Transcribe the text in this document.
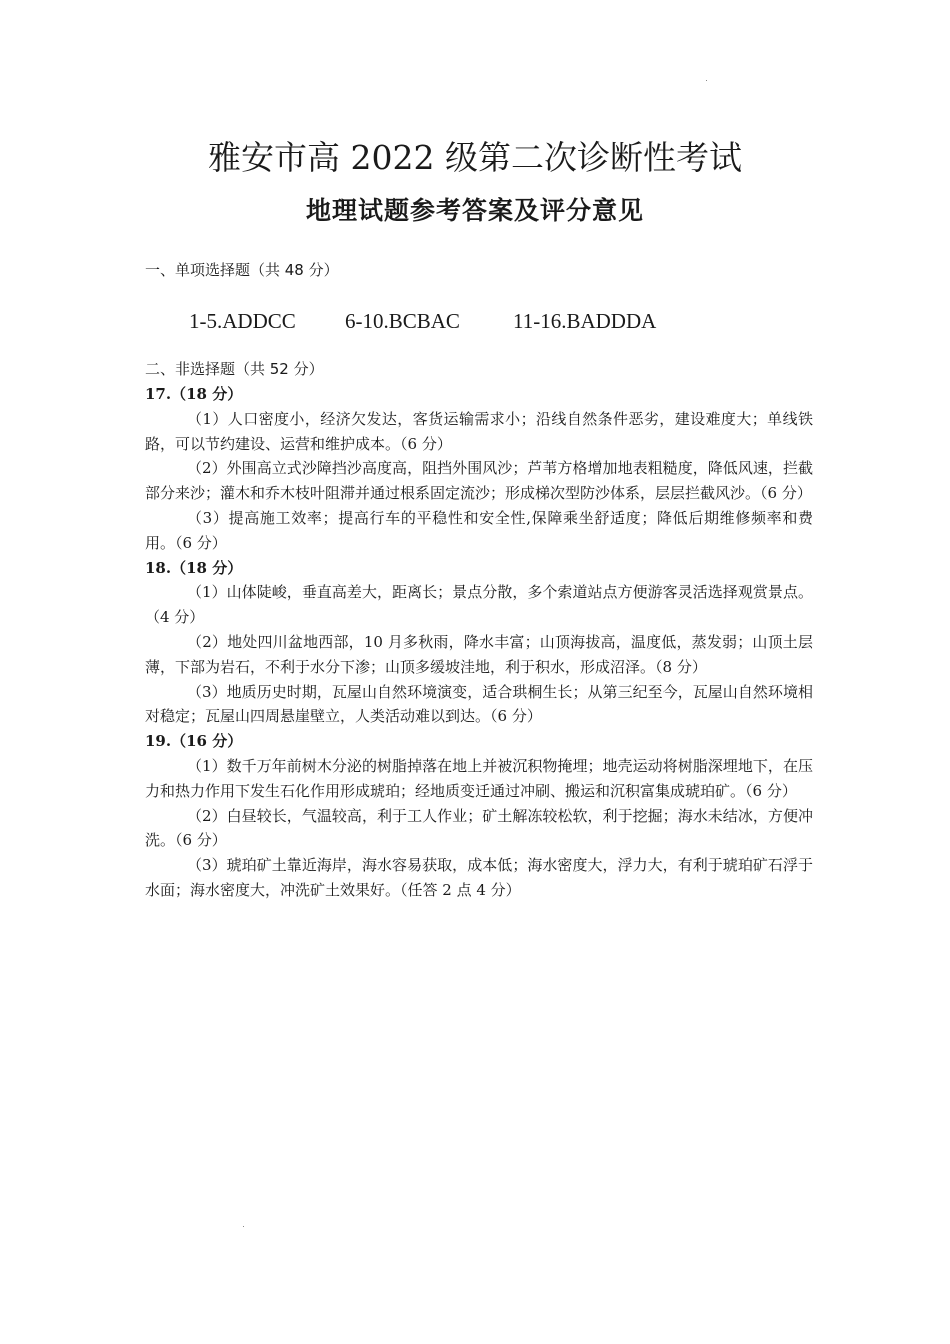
雅安市高 2022 级第二次诊断性考试
地理试题参考答案及评分意见
一、单项选择题（共 48 分）
1-5.ADDCC 6-10.BCBAC	11-16.BADDDA
二、非选择题（共 52 分）
17.（18 分）

（1）人口密度小，经济欠发达，客货运输需求小；沿线自然条件恶劣，建设难度大；单线铁路，可以节约建设、运营和维护成本。（6 分）

（2）外围高立式沙障挡沙高度高，阻挡外围风沙；芦苇方格增加地表粗糙度，降低风速，拦截部分来沙；灌木和乔木枝叶阻滞并通过根系固定流沙；形成梯次型防沙体系，层层拦截风沙。（6 分）

（3）提高施工效率；提高行车的平稳性和安全性,保障乘坐舒适度；降低后期维修频率和费用。（6 分）

18.（18 分）

（1）山体陡峻，垂直高差大，距离长；景点分散，多个索道站点方便游客灵活选择观赏景点。（4 分）

（2）地处四川盆地西部，10 月多秋雨，降水丰富；山顶海拔高，温度低，蒸发弱；山顶土层薄，下部为岩石，不利于水分下渗；山顶多缓坡洼地，利于积水，形成沼泽。（8 分）

（3）地质历史时期，瓦屋山自然环境演变，适合珙桐生长；从第三纪至今，瓦屋山自然环境相对稳定；瓦屋山四周悬崖壁立，人类活动难以到达。（6 分）

19.（16 分）

（1）数千万年前树木分泌的树脂掉落在地上并被沉积物掩埋；地壳运动将树脂深埋地下，在压力和热力作用下发生石化作用形成琥珀；经地质变迁通过冲刷、搬运和沉积富集成琥珀矿。（6 分）

（2）白昼较长，气温较高，利于工人作业；矿土解冻较松软，利于挖掘；海水未结冰，方便冲洗。（6 分）

（3）琥珀矿土靠近海岸，海水容易获取，成本低；海水密度大，浮力大，有利于琥珀矿石浮于水面；海水密度大，冲洗矿土效果好。（任答 2 点 4 分）
